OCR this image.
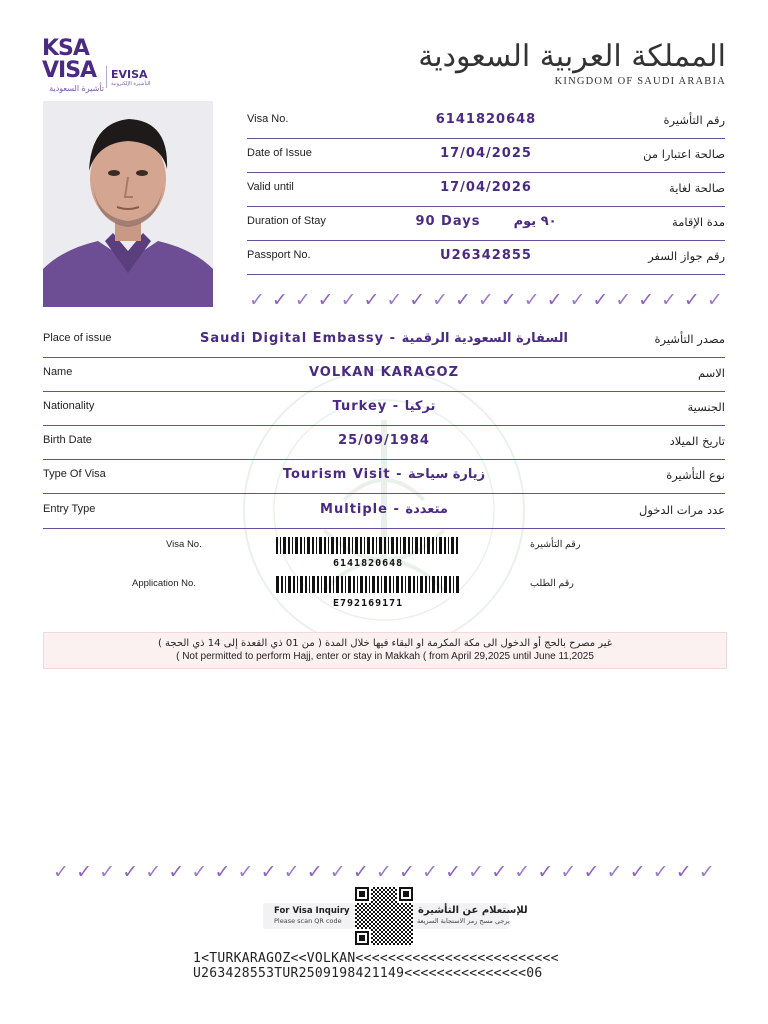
KSA
VISA
تأشيرة السعودية
EVISA
التأشيرة الإلكترونية
المملكة العربية السعودية
KINGDOM OF SAUDI ARABIA
Visa No.	6141820648	رقم التأشيرة
Date of Issue	17/04/2025	صالحة اعتبارا من
Valid until	17/04/2026	صالحة لغاية
Duration of Stay	90 Days      ٩٠ يوم	مدة الإقامة
Passport No.	U26342855	رقم جواز السفر
✓ ✓ ✓ ✓ ✓ ✓ ✓ ✓ ✓ ✓ ✓ ✓ ✓ ✓ ✓ ✓ ✓ ✓ ✓ ✓ ✓
Place of issue	Saudi Digital Embassy - السفارة السعودية الرقمية	مصدر التأشيرة
Name	VOLKAN KARAGOZ	الاسم
Nationality	Turkey - تركيا	الجنسية
Birth Date	25/09/1984	تاريخ الميلاد
Type Of Visa	Tourism Visit - زيارة سياحة	نوع التأشيرة
Entry Type	Multiple - متعددة	عدد مرات الدخول
Visa No.	رقم التأشيرة
6141820648
Application No.	رقم الطلب
E792169171
غير مصرح بالحج أو الدخول الى مكة المكرمة او البقاء فيها خلال المدة ( من 01 ذي القعدة إلى 14 ذي الحجة )
( Not permitted to perform Hajj, enter or stay in Makkah ( from April 29,2025 until June 11,2025
✓ ✓ ✓ ✓ ✓ ✓ ✓ ✓ ✓ ✓ ✓ ✓ ✓ ✓ ✓ ✓ ✓ ✓ ✓ ✓ ✓ ✓ ✓ ✓ ✓ ✓ ✓ ✓ ✓
For Visa Inquiry
Please scan QR code
للإستعلام عن التأشيرة
يرجى مسح رمز الاستجابة السريعة
1<TURKARAGOZ<<VOLKAN<<<<<<<<<<<<<<<<<<<<<<<<<
U263428553TUR2509198421149<<<<<<<<<<<<<<<06
